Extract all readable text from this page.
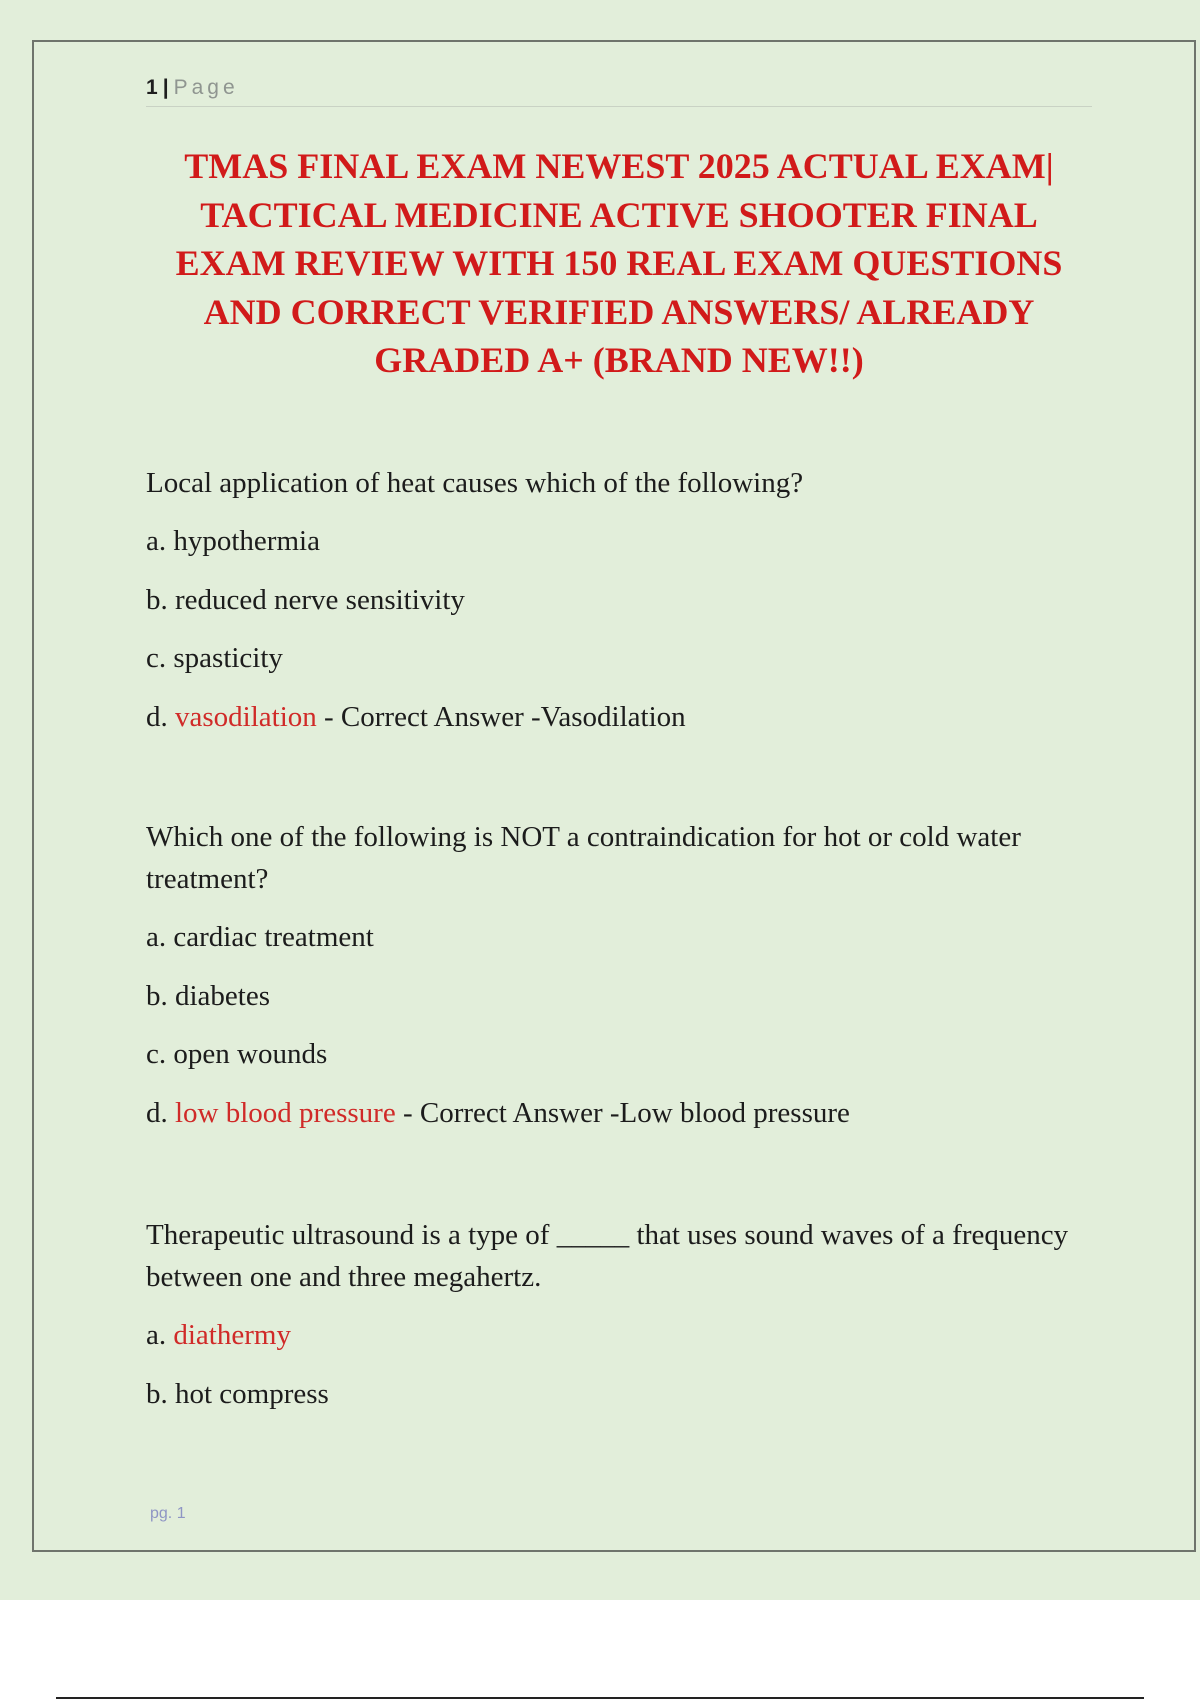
1 | Page
TMAS FINAL EXAM NEWEST 2025 ACTUAL EXAM| TACTICAL MEDICINE ACTIVE SHOOTER FINAL EXAM REVIEW WITH 150 REAL EXAM QUESTIONS AND CORRECT VERIFIED ANSWERS/ ALREADY GRADED A+ (BRAND NEW!!)

Local application of heat causes which of the following?

a. hypothermia

b. reduced nerve sensitivity

c. spasticity

d. vasodilation - Correct Answer -Vasodilation

Which one of the following is NOT a contraindication for hot or cold water treatment?

a. cardiac treatment

b. diabetes

c. open wounds

d. low blood pressure - Correct Answer -Low blood pressure

Therapeutic ultrasound is a type of _____ that uses sound waves of a frequency between one and three megahertz.

a. diathermy

b. hot compress

pg. 1
